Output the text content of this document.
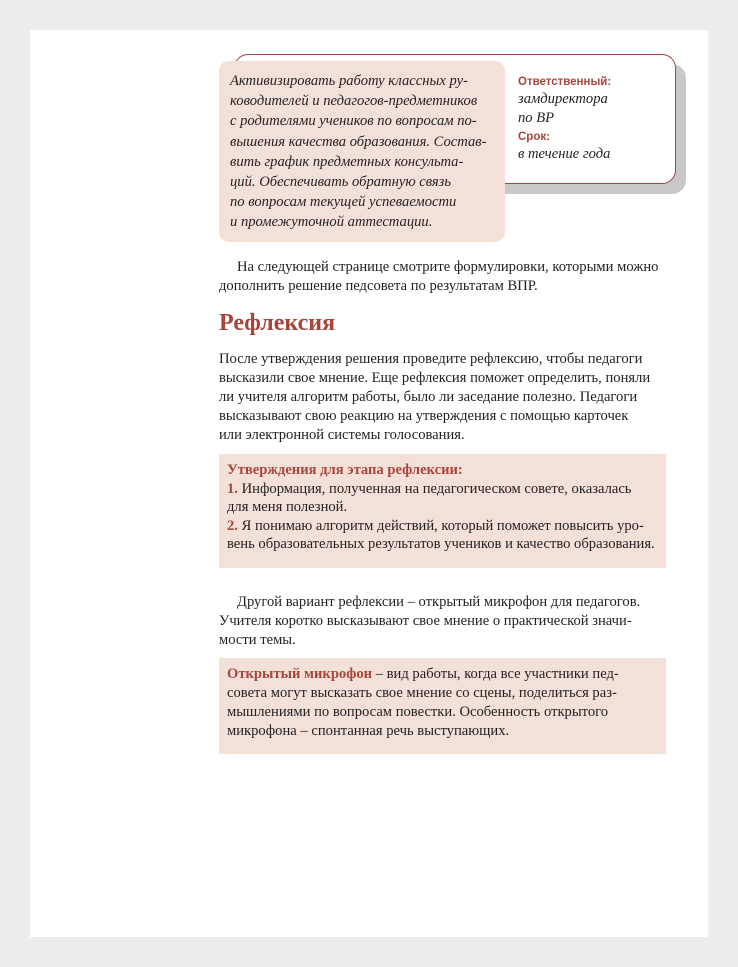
Активизировать работу классных ру-
ководителей и педагогов-предметников
с родителями учеников по вопросам по-
вышения качества образования. Состав-
вить график предметных консульта-
ций. Обеспечивать обратную связь
по вопросам текущей успеваемости
и промежуточной аттестации.
Ответственный:
замдиректора
по ВР
Срок:
в течение года

На следующей странице смотрите формулировки, которыми можно
дополнить решение педсовета по результатам ВПР.

Рефлексия

После утверждения решения проведите рефлексию, чтобы педагоги
высказили свое мнение. Еще рефлексия поможет определить, поняли
ли учителя алгоритм работы, было ли заседание полезно. Педагоги
высказывают свою реакцию на утверждения с помощью карточек
или электронной системы голосования.

Утверждения для этапа рефлексии:

1. Информация, полученная на педагогическом совете, оказалась
для меня полезной.

2. Я понимаю алгоритм действий, который поможет повысить уро-
вень образовательных результатов учеников и качество образования.

Другой вариант рефлексии – открытый микрофон для педагогов.
Учителя коротко высказывают свое мнение о практической значи-
мости темы.

Открытый микрофон – вид работы, когда все участники пед-
совета могут высказать свое мнение со сцены, поделиться раз-
мышлениями по вопросам повестки. Особенность открытого
микрофона – спонтанная речь выступающих.
